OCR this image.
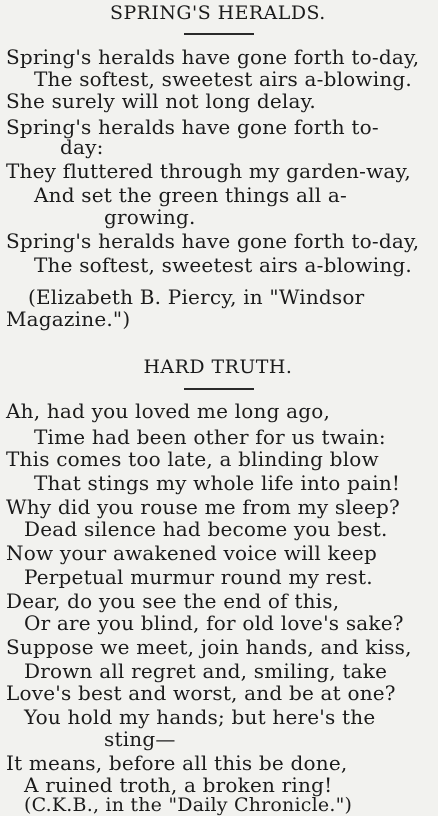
SPRING'S HERALDS.
Spring's heralds have gone forth to-day,
The softest, sweetest airs a-blowing.
She surely will not long delay.
Spring's heralds have gone forth to-
day:
They fluttered through my garden-way,
And set the green things all a-
growing.
Spring's heralds have gone forth to-day,
The softest, sweetest airs a-blowing.
(Elizabeth B. Piercy, in "Windsor
Magazine.")
HARD TRUTH.
Ah, had you loved me long ago,
Time had been other for us twain:
This comes too late, a blinding blow
That stings my whole life into pain!
Why did you rouse me from my sleep?
Dead silence had become you best.
Now your awakened voice will keep
Perpetual murmur round my rest.
Dear, do you see the end of this,
Or are you blind, for old love's sake?
Suppose we meet, join hands, and kiss,
Drown all regret and, smiling, take
Love's best and worst, and be at one?
You hold my hands; but here's the
sting—
It means, before all this be done,
A ruined troth, a broken ring!
(C.K.B., in the "Daily Chronicle.")
